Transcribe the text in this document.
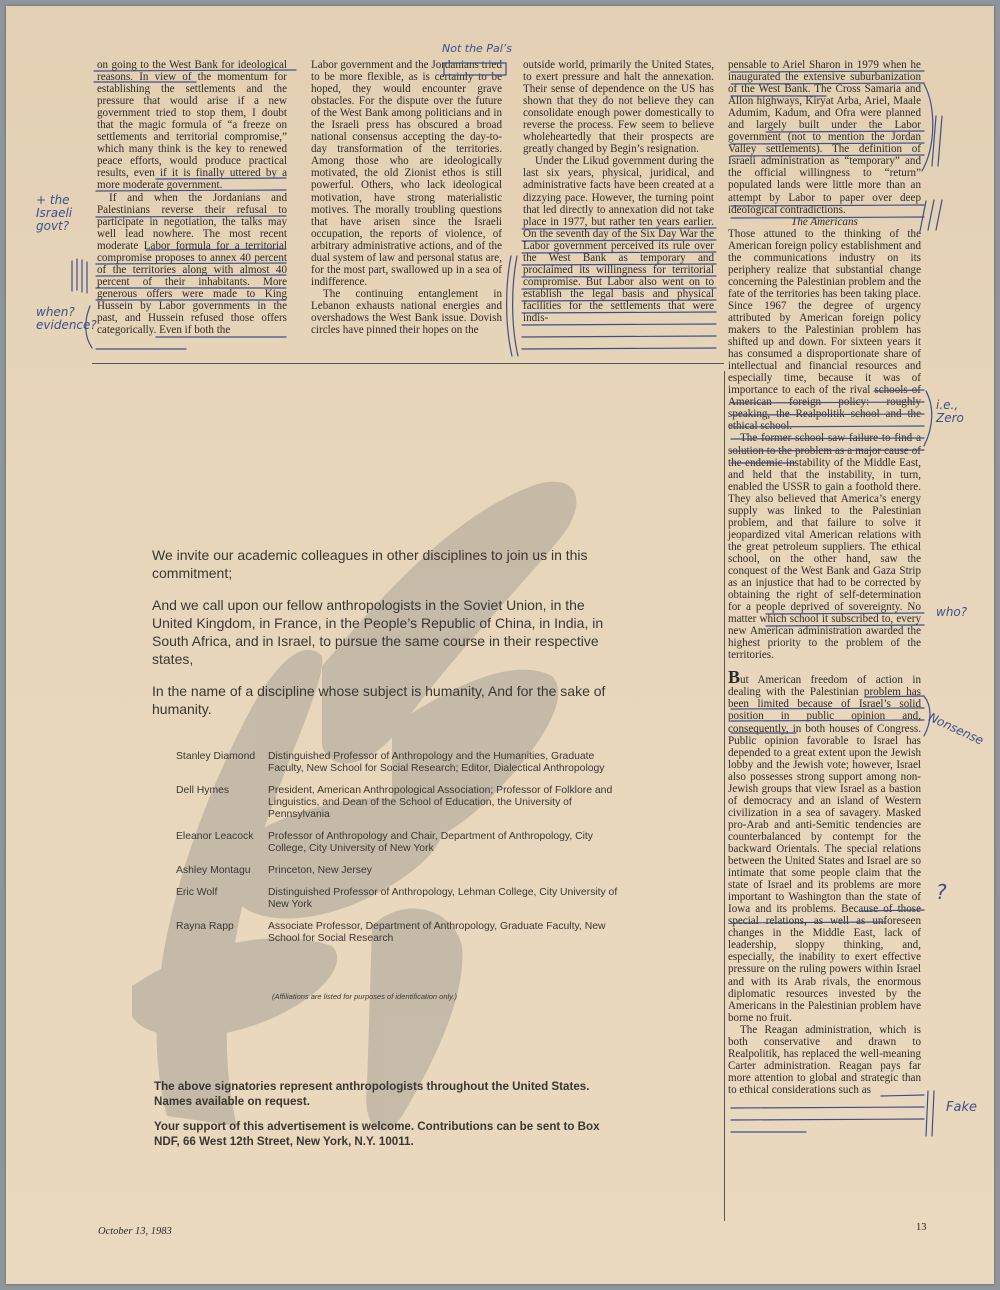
on going to the West Bank for ideological reasons. In view of the momentum for establishing the settlements and the pressure that would arise if a new government tried to stop them, I doubt that the magic formula of “a freeze on settlements and territorial compromise,” which many think is the key to renewed peace efforts, would produce practical results, even if it is finally uttered by a more moderate government.

If and when the Jordanians and Palestinians reverse their refusal to participate in negotiation, the talks may well lead nowhere. The most recent moderate Labor formula for a territorial compromise proposes to annex 40 percent of the territories along with almost 40 percent of their inhabitants. More generous offers were made to King Hussein by Labor governments in the past, and Hussein refused those offers categorically. Even if both the

Labor government and the Jordanians tried to be more flexible, as is certainly to be hoped, they would encounter grave obstacles. For the dispute over the future of the West Bank among politicians and in the Israeli press has obscured a broad national consensus accepting the day-to-day transformation of the territories. Among those who are ideologically motivated, the old Zionist ethos is still powerful. Others, who lack ideological motivation, have strong materialistic motives. The morally troubling questions that have arisen since the Israeli occupation, the reports of violence, of arbitrary administrative actions, and of the dual system of law and personal status are, for the most part, swallowed up in a sea of indifference.

The continuing entanglement in Lebanon exhausts national energies and overshadows the West Bank issue. Dovish circles have pinned their hopes on the

outside world, primarily the United States, to exert pressure and halt the annexation. Their sense of dependence on the US has shown that they do not believe they can consolidate enough power domestically to reverse the process. Few seem to believe wholeheartedly that their prospects are greatly changed by Begin’s resignation.

Under the Likud government during the last six years, physical, juridical, and administrative facts have been created at a dizzying pace. However, the turning point that led directly to annexation did not take place in 1977, but rather ten years earlier. On the seventh day of the Six Day War the Labor government perceived its rule over the West Bank as temporary and proclaimed its willingness for territorial compromise. But Labor also went on to establish the legal basis and physical facilities for the settlements that were indis-

pensable to Ariel Sharon in 1979 when he inaugurated the extensive suburbanization of the West Bank. The Cross Samaria and Allon highways, Kiryat Arba, Ariel, Maale Adumim, Kadum, and Ofra were planned and largely built under the Labor government (not to mention the Jordan Valley settlements). The definition of Israeli administration as “temporary” and the official willingness to “return” populated lands were little more than an attempt by Labor to paper over deep ideological contradictions.

The Americans

Those attuned to the thinking of the American foreign policy establishment and the communications industry on its periphery realize that substantial change concerning the Palestinian problem and the fate of the territories has been taking place. Since 1967 the degree of urgency attributed by American foreign policy makers to the Palestinian problem has shifted up and down. For sixteen years it has consumed a disproportionate share of intellectual and financial resources and especially time, because it was of importance to each of the rival schools of American foreign policy: roughly speaking, the Realpolitik school and the ethical school.

The former school saw failure to find a solution to the problem as a major cause of the endemic instability of the Middle East, and held that the instability, in turn, enabled the USSR to gain a foothold there. They also believed that America’s energy supply was linked to the Palestinian problem, and that failure to solve it jeopardized vital American relations with the great petroleum suppliers. The ethical school, on the other hand, saw the conquest of the West Bank and Gaza Strip as an injustice that had to be corrected by obtaining the right of self-determination for a people deprived of sovereignty. No matter which school it subscribed to, every new American administration awarded the highest priority to the problem of the territories.

But American freedom of action in dealing with the Palestinian problem has been limited because of Israel’s solid position in public opinion and, consequently, in both houses of Congress. Public opinion favorable to Israel has depended to a great extent upon the Jewish lobby and the Jewish vote; however, Israel also possesses strong support among non-Jewish groups that view Israel as a bastion of democracy and an island of Western civilization in a sea of savagery. Masked pro-Arab and anti-Semitic tendencies are counterbalanced by contempt for the backward Orientals. The special relations between the United States and Israel are so intimate that some people claim that the state of Israel and its problems are more important to Washington than the state of Iowa and its problems. Because of those special relations, as well as unforeseen changes in the Middle East, lack of leadership, sloppy thinking, and, especially, the inability to exert effective pressure on the ruling powers within Israel and with its Arab rivals, the enormous diplomatic resources invested by the Americans in the Palestinian problem have borne no fruit.

The Reagan administration, which is both conservative and drawn to Realpolitik, has replaced the well-meaning Carter administration. Reagan pays far more attention to global and strategic than to ethical considerations such as

We invite our academic colleagues in other disciplines to join us in this commitment;

And we call upon our fellow anthropologists in the Soviet Union, in the United Kingdom, in France, in the People’s Republic of China, in India, in South Africa, and in Israel, to pursue the same course in their respective states,

In the name of a discipline whose subject is humanity, And for the sake of humanity.

Stanley Diamond	Distinguished Professor of Anthropology and the Humanities, Graduate Faculty, New School for Social Research; Editor, Dialectical Anthropology
Dell Hymes	President, American Anthropological Association; Professor of Folklore and Linguistics, and Dean of the School of Education, the University of Pennsylvania
Eleanor Leacock	Professor of Anthropology and Chair, Department of Anthropology, City College, City University of New York
Ashley Montagu	Princeton, New Jersey
Eric Wolf	Distinguished Professor of Anthropology, Lehman College, City University of New York
Rayna Rapp	Associate Professor, Department of Anthropology, Graduate Faculty, New School for Social Research
(Affiliations are listed for purposes of identification only.)
The above signatories represent anthropologists throughout the United States. Names available on request.
Your support of this advertisement is welcome. Contributions can be sent to Box NDF, 66 West 12th Street, New York, N.Y. 10011.
October 13, 1983	13
Not the Pal’s
+ the Israeli govt?
when? evidence?
i.e., Zero
who?
Nonsense
?
Fake
